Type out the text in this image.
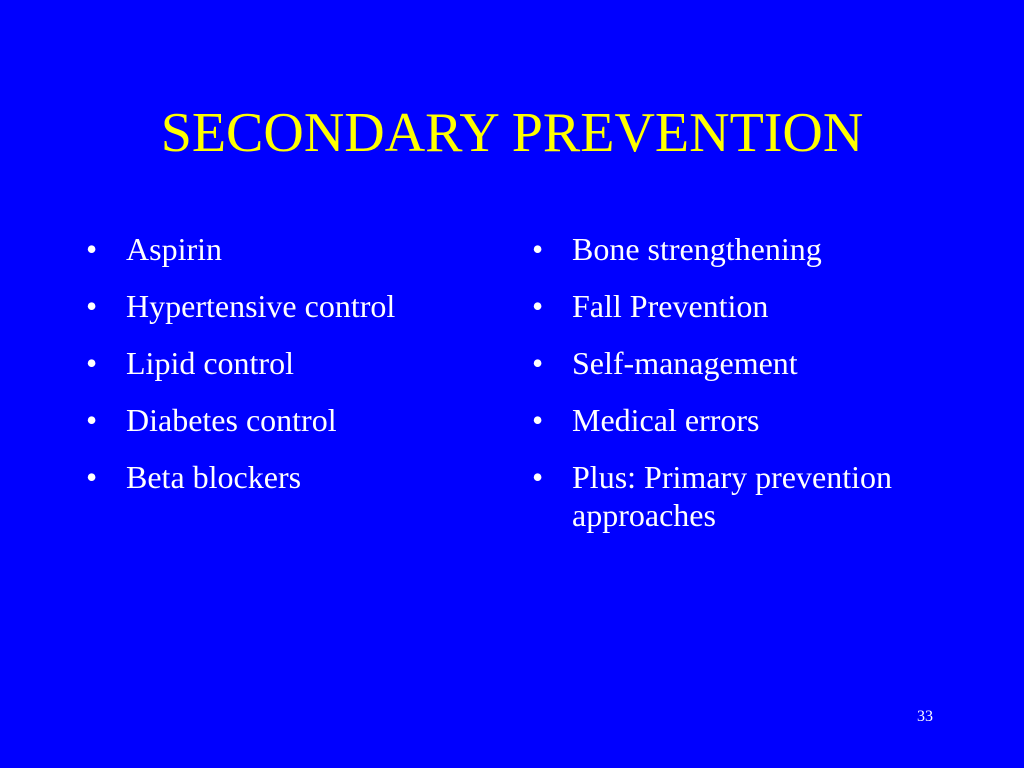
SECONDARY PREVENTION
• Aspirin
• Hypertensive control
• Lipid control
• Diabetes control
• Beta blockers
• Bone strengthening
• Fall Prevention
• Self-management
• Medical errors
• Plus: Primary prevention approaches
33
